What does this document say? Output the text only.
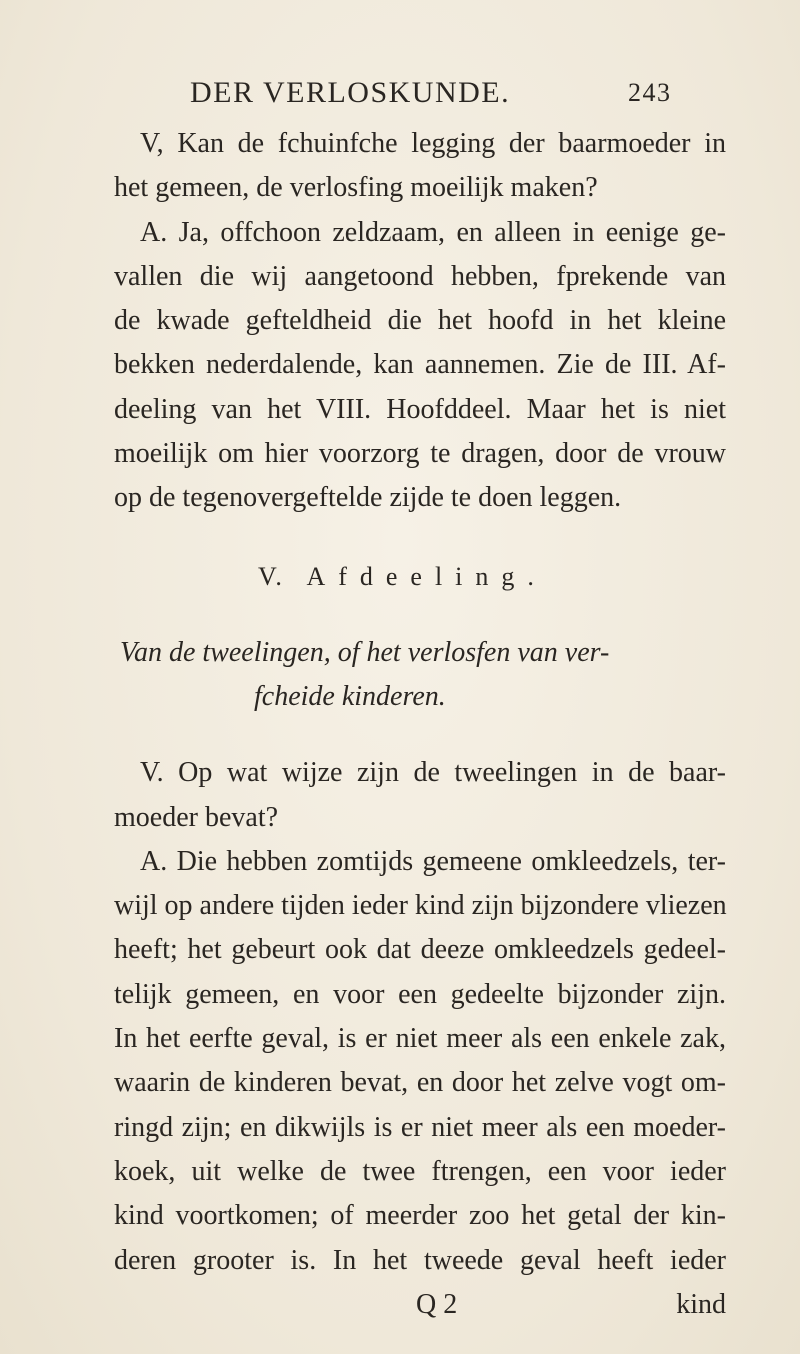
DER VERLOSKUNDE.	243
V, Kan de fchuinfche legging der baarmoeder in
het gemeen, de verlosfing moeilijk maken?
A. Ja, offchoon zeldzaam, en alleen in eenige ge-
vallen die wij aangetoond hebben, fprekende van
de kwade gefteldheid die het hoofd in het kleine
bekken nederdalende, kan aannemen. Zie de III. Af-
deeling van het VIII. Hoofddeel. Maar het is niet
moeilijk om hier voorzorg te dragen, door de vrouw
op de tegenovergeftelde zijde te doen leggen.
V. Afdeeling.
Van de tweelingen, of het verlosfen van ver-
fcheide kinderen.
V. Op wat wijze zijn de tweelingen in de baar-
moeder bevat?
A. Die hebben zomtijds gemeene omkleedzels, ter-
wijl op andere tijden ieder kind zijn bijzondere vliezen
heeft; het gebeurt ook dat deeze omkleedzels gedeel-
telijk gemeen, en voor een gedeelte bijzonder zijn.
In het eerfte geval, is er niet meer als een enkele zak,
waarin de kinderen bevat, en door het zelve vogt om-
ringd zijn; en dikwijls is er niet meer als een moeder-
koek, uit welke de twee ftrengen, een voor ieder
kind voortkomen; of meerder zoo het getal der kin-
deren grooter is. In het tweede geval heeft ieder
Q 2	kind
